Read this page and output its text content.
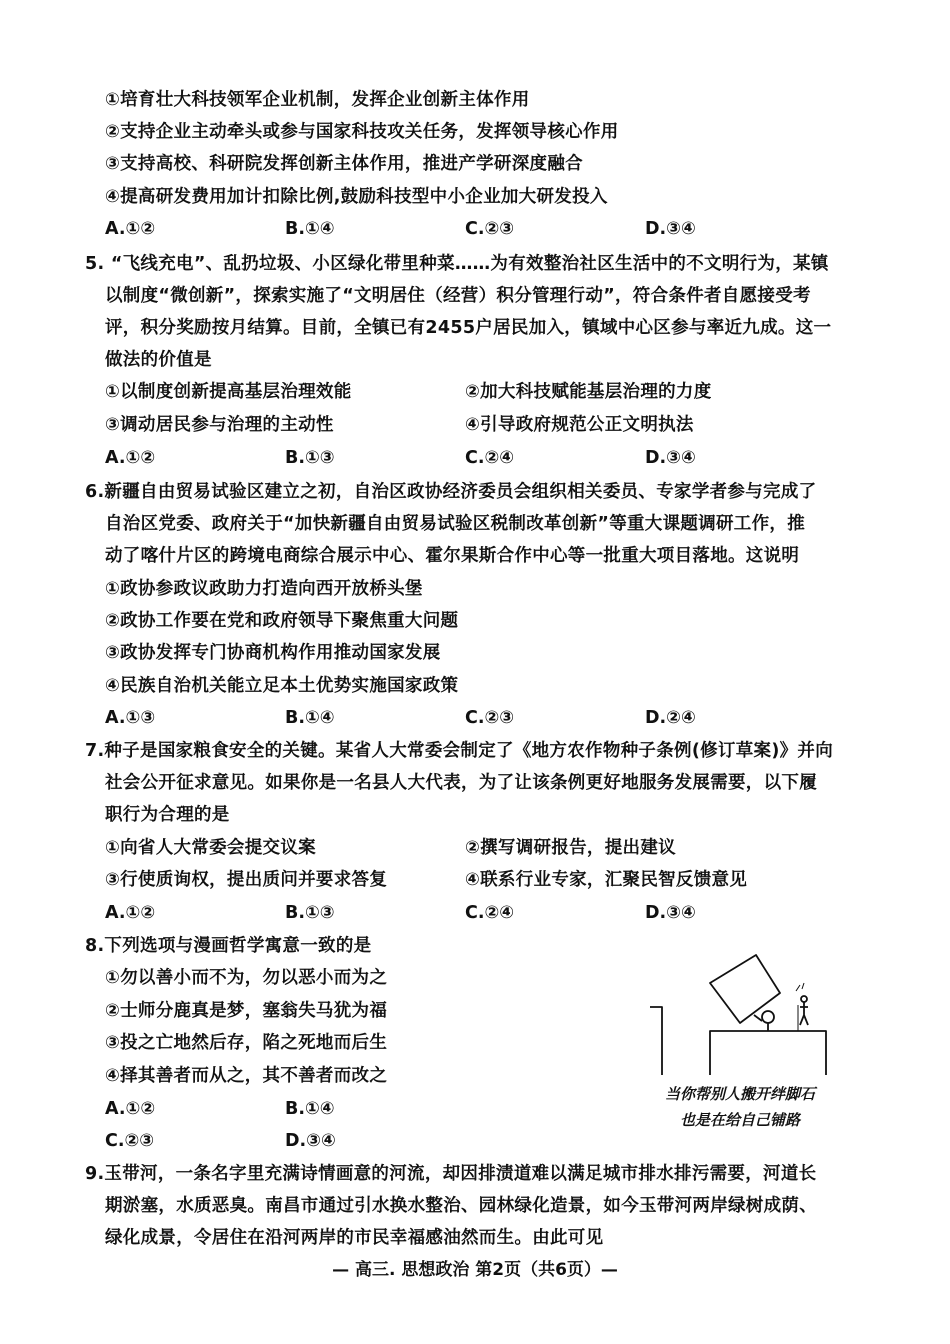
①培育壮大科技领军企业机制，发挥企业创新主体作用
②支持企业主动牵头或参与国家科技攻关任务，发挥领导核心作用
③支持高校、科研院发挥创新主体作用，推进产学研深度融合
④提高研发费用加计扣除比例,鼓励科技型中小企业加大研发投入
A.①②	B.①④	C.②③	D.③④
5. “飞线充电”、乱扔垃圾、小区绿化带里种菜……为有效整治社区生活中的不文明行为，某镇
以制度“微创新”，探索实施了“文明居住（经营）积分管理行动”，符合条件者自愿接受考
评，积分奖励按月结算。目前，全镇已有2455户居民加入，镇域中心区参与率近九成。这一
做法的价值是
①以制度创新提高基层治理效能	②加大科技赋能基层治理的力度
③调动居民参与治理的主动性	④引导政府规范公正文明执法
A.①②	B.①③	C.②④	D.③④
6.新疆自由贸易试验区建立之初，自治区政协经济委员会组织相关委员、专家学者参与完成了
自治区党委、政府关于“加快新疆自由贸易试验区税制改革创新”等重大课题调研工作，推
动了喀什片区的跨境电商综合展示中心、霍尔果斯合作中心等一批重大项目落地。这说明
①政协参政议政助力打造向西开放桥头堡
②政协工作要在党和政府领导下聚焦重大问题
③政协发挥专门协商机构作用推动国家发展
④民族自治机关能立足本土优势实施国家政策
A.①③	B.①④	C.②③	D.②④
7.种子是国家粮食安全的关键。某省人大常委会制定了《地方农作物种子条例(修订草案)》并向
社会公开征求意见。如果你是一名县人大代表，为了让该条例更好地服务发展需要，以下履
职行为合理的是
①向省人大常委会提交议案	②撰写调研报告，提出建议
③行使质询权，提出质问并要求答复	④联系行业专家，汇聚民智反馈意见
A.①②	B.①③	C.②④	D.③④
8.下列选项与漫画哲学寓意一致的是
①勿以善小而不为，勿以恶小而为之
②士师分鹿真是梦，塞翁失马犹为福
③投之亡地然后存，陷之死地而后生
④择其善者而从之，其不善者而改之
A.①②	B.①④
C.②③	D.③④
当你帮别人搬开绊脚石
也是在给自己铺路
9.玉带河，一条名字里充满诗情画意的河流，却因排渍道难以满足城市排水排污需要，河道长
期淤塞，水质恶臭。南昌市通过引水换水整治、园林绿化造景，如今玉带河两岸绿树成荫、
绿化成景，令居住在沿河两岸的市民幸福感油然而生。由此可见
— 高三. 思想政治 第2页（共6页）—
